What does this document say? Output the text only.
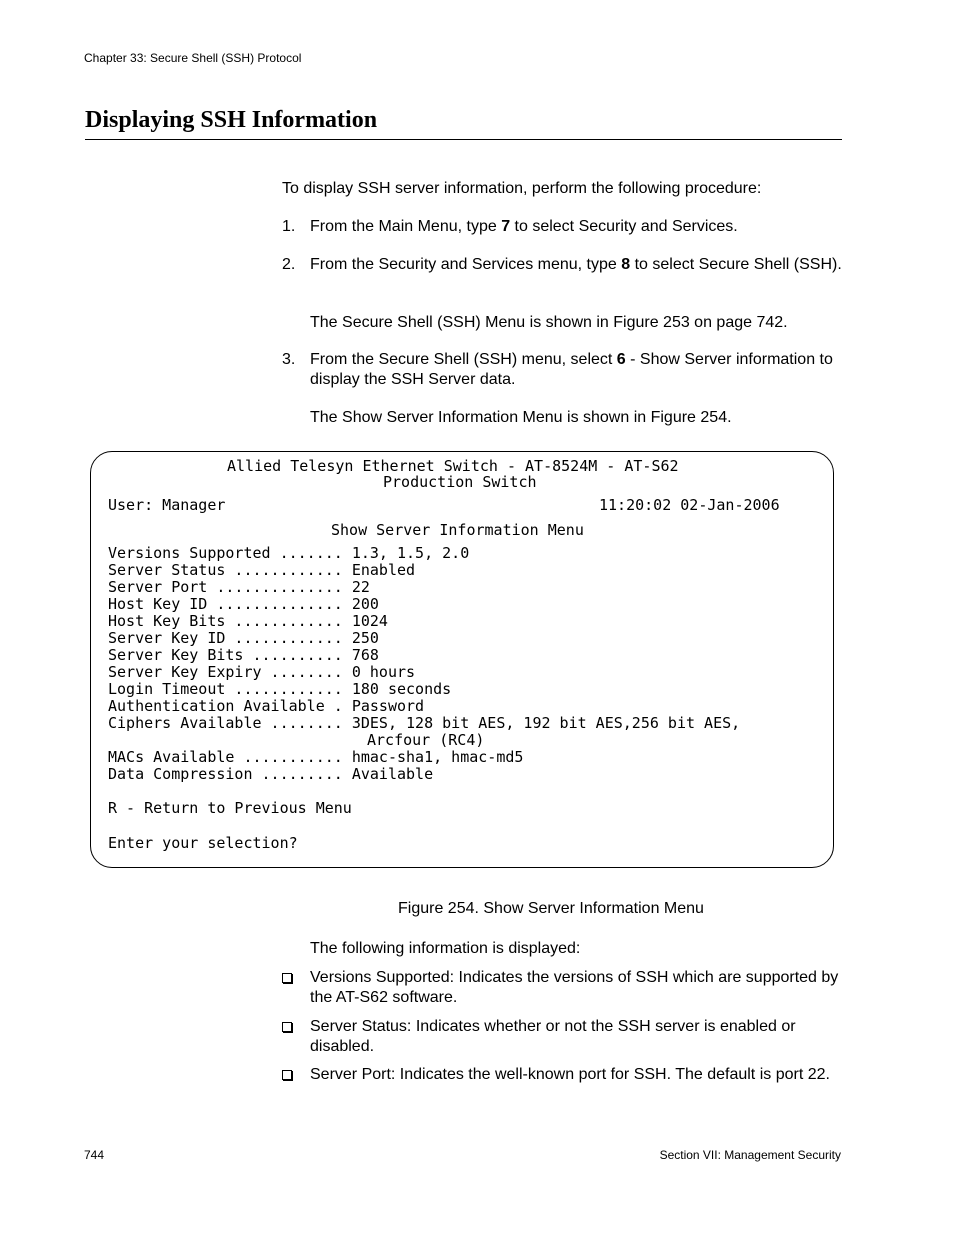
Chapter 33: Secure Shell (SSH) Protocol
Displaying SSH Information
To display SSH server information, perform the following procedure:
1. From the Main Menu, type 7 to select Security and Services.
2. From the Security and Services menu, type 8 to select Secure Shell (SSH).
The Secure Shell (SSH) Menu is shown in Figure 253 on page 742.
3. From the Secure Shell (SSH) menu, select 6 - Show Server information to display the SSH Server data.
The Show Server Information Menu is shown in Figure 254.
Allied Telesyn Ethernet Switch - AT-8524M - AT-S62
Production Switch
User: Manager	11:20:02 02-Jan-2006
Show Server Information Menu
Versions Supported ....... 1.3, 1.5, 2.0
Server Status ............ Enabled
Server Port .............. 22
Host Key ID .............. 200
Host Key Bits ............ 1024
Server Key ID ............ 250
Server Key Bits .......... 768
Server Key Expiry ........ 0 hours
Login Timeout ............ 180 seconds
Authentication Available . Password
Ciphers Available ........ 3DES, 128 bit AES, 192 bit AES,256 bit AES,
Arcfour (RC4)
MACs Available ........... hmac-sha1, hmac-md5
Data Compression ......... Available
R - Return to Previous Menu
Enter your selection?
Figure 254. Show Server Information Menu
The following information is displayed:
Versions Supported: Indicates the versions of SSH which are supported by the AT-S62 software.
Server Status: Indicates whether or not the SSH server is enabled or disabled.
Server Port: Indicates the well-known port for SSH. The default is port 22.
744	Section VII: Management Security
